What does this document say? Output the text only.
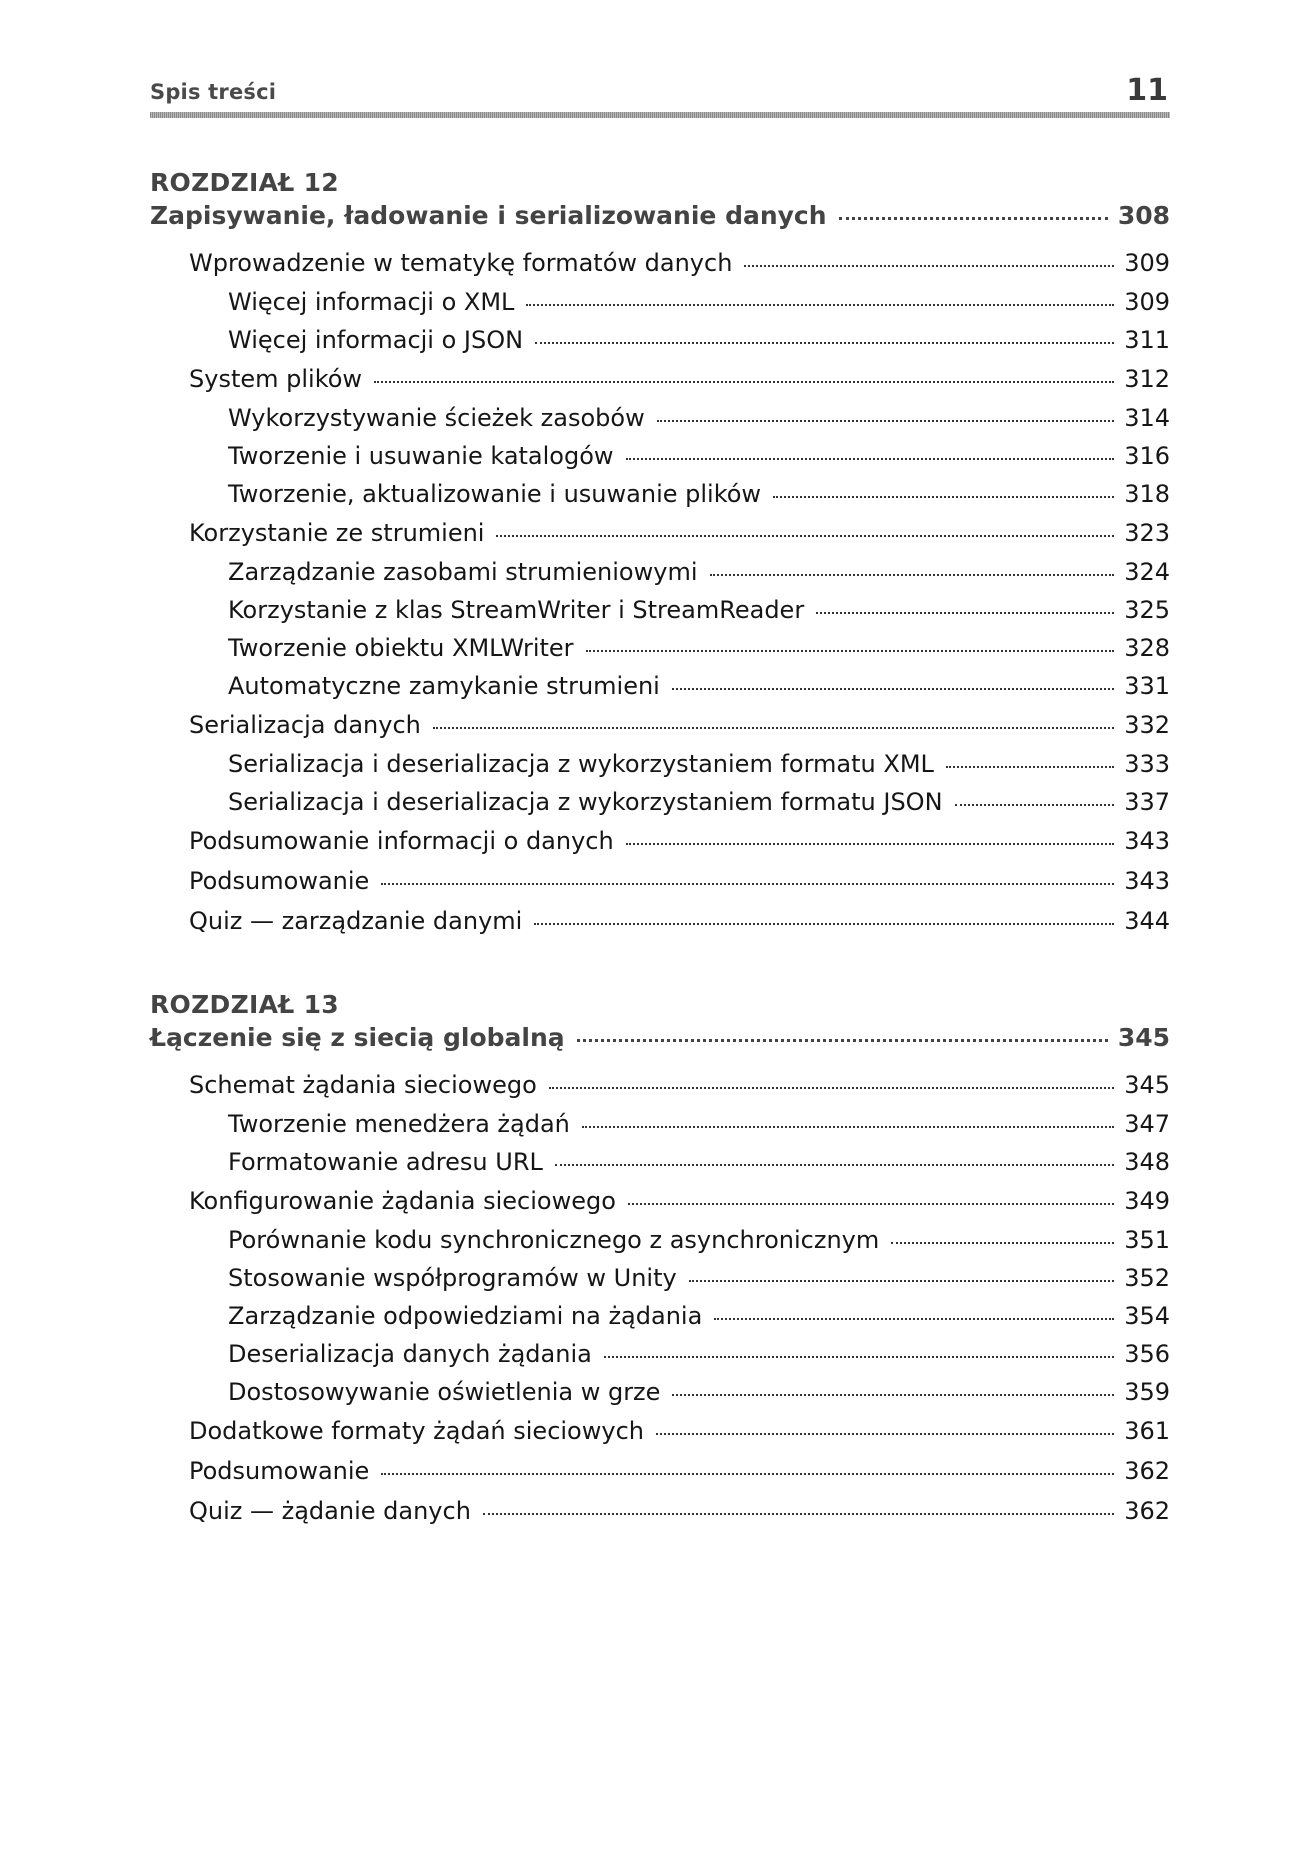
Spis treści	11
ROZDZIAŁ 12
Zapisywanie, ładowanie i serializowanie danych	308
Wprowadzenie w tematykę formatów danych	309
Więcej informacji o XML	309
Więcej informacji o JSON	311
System plików	312
Wykorzystywanie ścieżek zasobów	314
Tworzenie i usuwanie katalogów	316
Tworzenie, aktualizowanie i usuwanie plików	318
Korzystanie ze strumieni	323
Zarządzanie zasobami strumieniowymi	324
Korzystanie z klas StreamWriter i StreamReader	325
Tworzenie obiektu XMLWriter	328
Automatyczne zamykanie strumieni	331
Serializacja danych	332
Serializacja i deserializacja z wykorzystaniem formatu XML	333
Serializacja i deserializacja z wykorzystaniem formatu JSON	337
Podsumowanie informacji o danych	343
Podsumowanie	343
Quiz — zarządzanie danymi	344
ROZDZIAŁ 13
Łączenie się z siecią globalną	345
Schemat żądania sieciowego	345
Tworzenie menedżera żądań	347
Formatowanie adresu URL	348
Konfigurowanie żądania sieciowego	349
Porównanie kodu synchronicznego z asynchronicznym	351
Stosowanie współprogramów w Unity	352
Zarządzanie odpowiedziami na żądania	354
Deserializacja danych żądania	356
Dostosowywanie oświetlenia w grze	359
Dodatkowe formaty żądań sieciowych	361
Podsumowanie	362
Quiz — żądanie danych	362
